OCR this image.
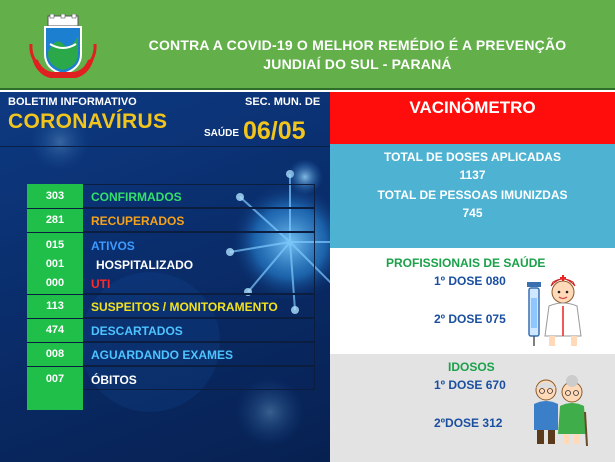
CONTRA A COVID-19 O MELHOR REMÉDIO É A PREVENÇÃO
JUNDIAÍ DO SUL - PARANÁ
BOLETIM INFORMATIVO
CORONAVÍRUS
SEC. MUN. DE
SAÚDE 06/05
303	CONFIRMADOS
281	RECUPERADOS
015	ATIVOS
001	HOSPITALIZADO
000	UTI
113	SUSPEITOS / MONITORAMENTO
474	DESCARTADOS
008	AGUARDANDO EXAMES
007	ÓBITOS
VACINÔMETRO
TOTAL DE DOSES APLICADAS
1137
TOTAL DE PESSOAS IMUNIZDAS
745
PROFISSIONAIS DE SAÚDE
1º DOSE 080
2º DOSE 075
IDOSOS
1º DOSE 670
2ºDOSE 312
